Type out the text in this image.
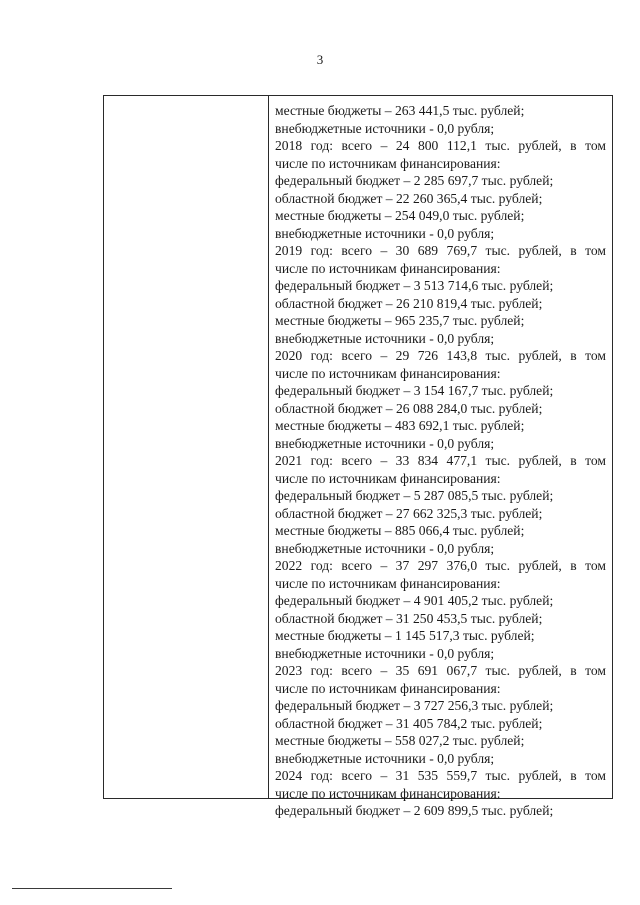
3
местные бюджеты – 263 441,5 тыс. рублей;
внебюджетные источники - 0,0 рубля;
2018 год: всего – 24 800 112,1 тыс. рублей, в том
числе по источникам финансирования:
федеральный бюджет – 2 285 697,7 тыс. рублей;
областной бюджет – 22 260 365,4 тыс. рублей;
местные бюджеты – 254 049,0 тыс. рублей;
внебюджетные источники - 0,0 рубля;
2019 год: всего – 30 689 769,7 тыс. рублей, в том
числе по источникам финансирования:
федеральный бюджет – 3 513 714,6 тыс. рублей;
областной бюджет – 26 210 819,4 тыс. рублей;
местные бюджеты – 965 235,7 тыс. рублей;
внебюджетные источники - 0,0 рубля;
2020 год: всего – 29 726 143,8 тыс. рублей, в том
числе по источникам финансирования:
федеральный бюджет – 3 154 167,7 тыс. рублей;
областной бюджет – 26 088 284,0 тыс. рублей;
местные бюджеты – 483 692,1 тыс. рублей;
внебюджетные источники - 0,0 рубля;
2021 год: всего – 33 834 477,1 тыс. рублей, в том
числе по источникам финансирования:
федеральный бюджет – 5 287 085,5 тыс. рублей;
областной бюджет – 27 662 325,3 тыс. рублей;
местные бюджеты – 885 066,4 тыс. рублей;
внебюджетные источники - 0,0 рубля;
2022 год: всего – 37 297 376,0 тыс. рублей, в том
числе по источникам финансирования:
федеральный бюджет – 4 901 405,2 тыс. рублей;
областной бюджет – 31 250 453,5 тыс. рублей;
местные бюджеты – 1 145 517,3 тыс. рублей;
внебюджетные источники - 0,0 рубля;
2023 год: всего – 35 691 067,7 тыс. рублей, в том
числе по источникам финансирования:
федеральный бюджет – 3 727 256,3 тыс. рублей;
областной бюджет – 31 405 784,2 тыс. рублей;
местные бюджеты – 558 027,2 тыс. рублей;
внебюджетные источники - 0,0 рубля;
2024 год: всего – 31 535 559,7 тыс. рублей, в том
числе по источникам финансирования:
федеральный бюджет – 2 609 899,5 тыс. рублей;
